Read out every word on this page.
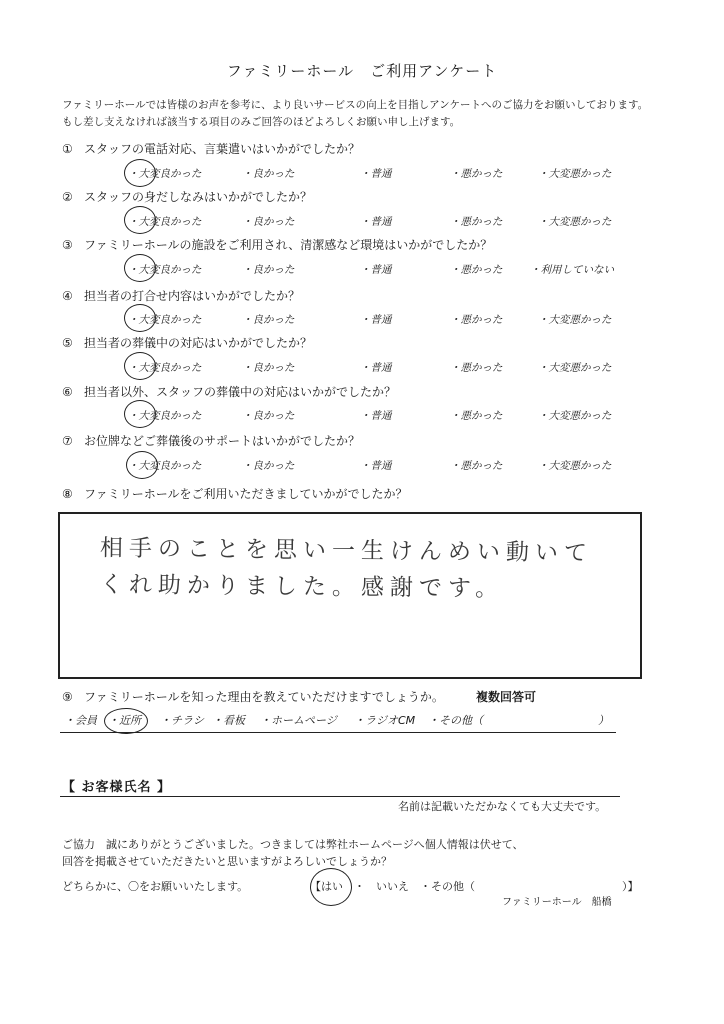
ファミリーホール　ご利用アンケート
ファミリーホールでは皆様のお声を参考に、より良いサービスの向上を目指しアンケートへのご協力をお願いしております。
もし差し支えなければ該当する項目のみご回答のほどよろしくお願い申し上げます。
① スタッフの電話対応、言葉遣いはいかがでしたか？
・大変良かった	・良かった	・普通	・悪かった	・大変悪かった
② スタッフの身だしなみはいかがでしたか？
・大変良かった	・良かった	・普通	・悪かった	・大変悪かった
③ ファミリーホールの施設をご利用され、清潔感など環境はいかがでしたか？
・大変良かった	・良かった	・普通	・悪かった	・利用していない
④ 担当者の打合せ内容はいかがでしたか？
・大変良かった	・良かった	・普通	・悪かった	・大変悪かった
⑤ 担当者の葬儀中の対応はいかがでしたか？
・大変良かった	・良かった	・普通	・悪かった	・大変悪かった
⑥ 担当者以外、スタッフの葬儀中の対応はいかがでしたか？
・大変良かった	・良かった	・普通	・悪かった	・大変悪かった
⑦ お位牌などご葬儀後のサポートはいかがでしたか？
・大変良かった	・良かった	・普通	・悪かった	・大変悪かった
⑧ ファミリーホールをご利用いただきましていかがでしたか？
相手のことを思い一生けんめい動いて
くれ助かりました。感謝です。
⑨ ファミリーホールを知った理由を教えていただけますでしょうか。	複数回答可
・会員 ・近所 ・チラシ ・看板 ・ホームページ ・ラジオCM ・その他（	）
【 お客様氏名 】
名前は記載いただかなくても大丈夫です。
ご協力　誠にありがとうございました。つきましては弊社ホームページへ個人情報は伏せて、
回答を掲載させていただきたいと思いますがよろしいでしょうか？
どちらかに、〇をお願いいたします。	【はい　・　いいえ　・その他（	）】
ファミリーホール　船橋
